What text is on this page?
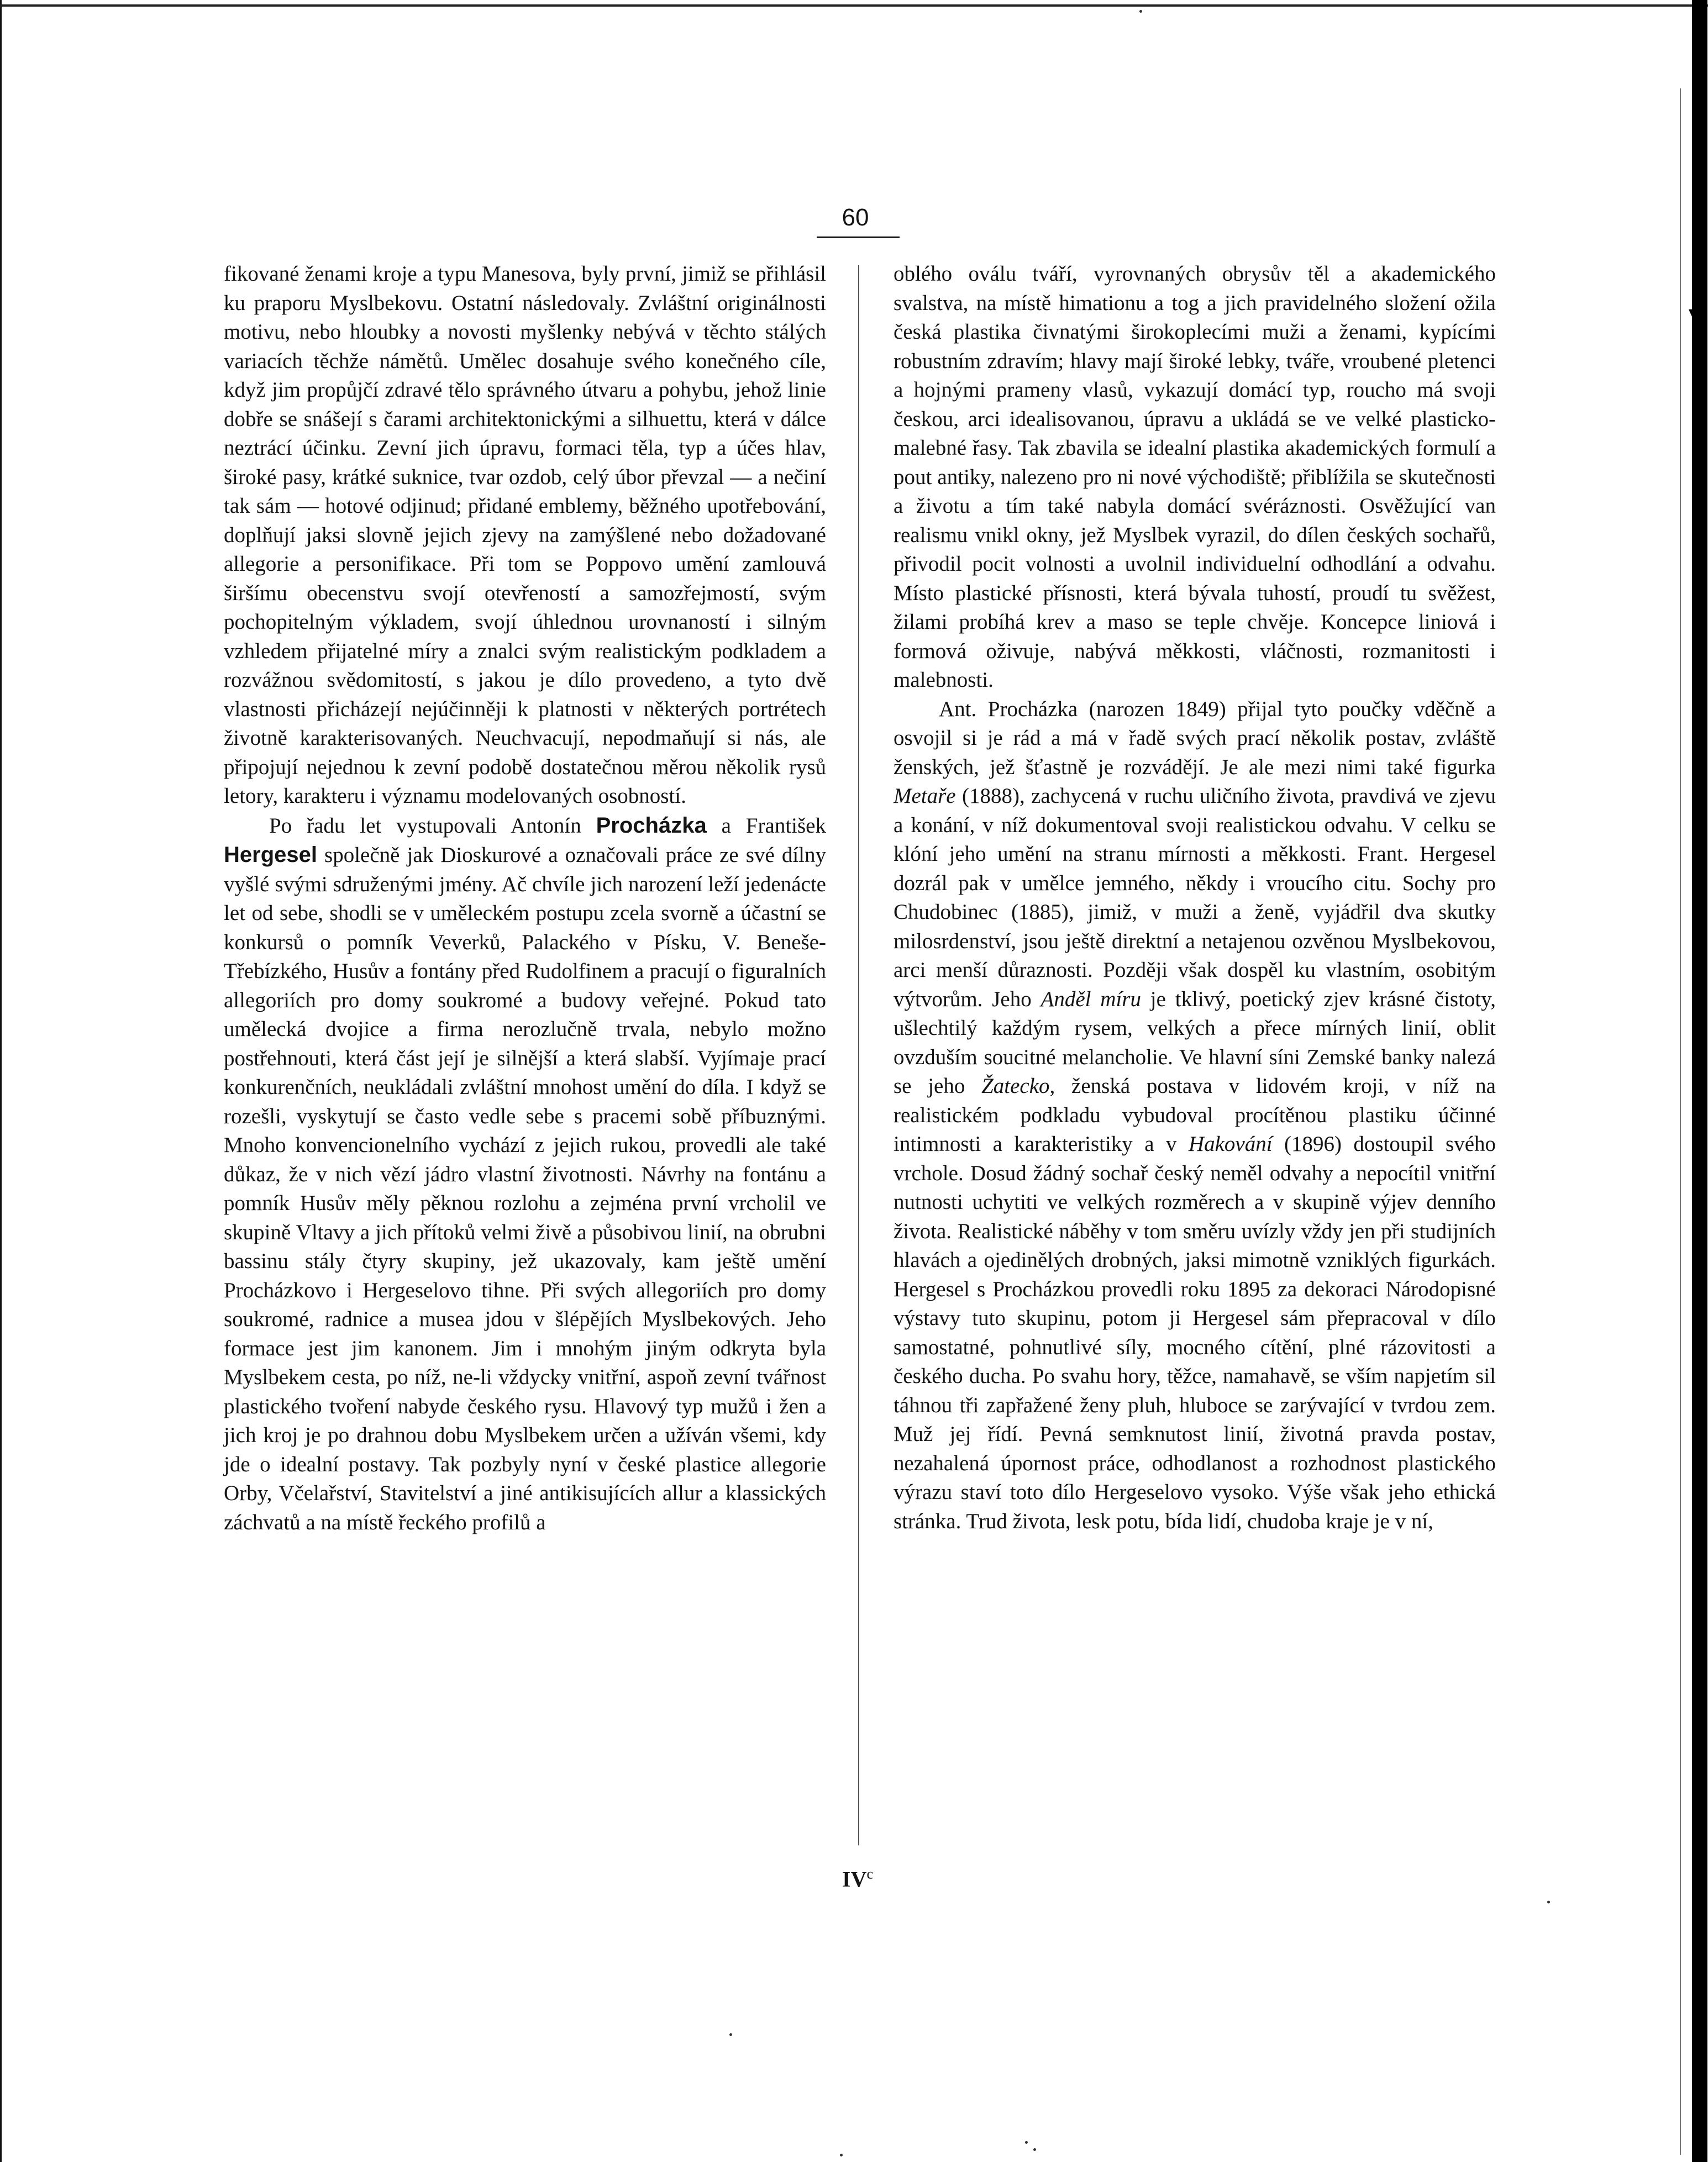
60

fikované ženami kroje a typu Manesova, byly první, jimiž se přihlásil ku praporu Myslbekovu. Ostatní následovaly. Zvláštní originálnosti motivu, nebo hloubky a novosti myšlenky nebývá v těchto stálých variacích těchže námětů. Umělec dosahuje svého konečného cíle, když jim propůjčí zdravé tělo správného útvaru a pohybu, jehož linie dobře se snášejí s čarami architektonickými a silhuettu, která v dálce neztrácí účinku. Zevní jich úpravu, formaci těla, typ a účes hlav, široké pasy, krátké suknice, tvar ozdob, celý úbor převzal — a nečiní tak sám — hotové odjinud; přidané emblemy, běžného upotřebování, doplňují jaksi slovně jejich zjevy na zamýšlené nebo dožadované allegorie a personifikace. Při tom se Poppovo umění zamlouvá širšímu obecenstvu svojí otevřeností a samozřejmostí, svým pochopitelným výkladem, svojí úhlednou urovnaností i silným vzhledem přijatelné míry a znalci svým realistickým podkladem a rozvážnou svědomitostí, s jakou je dílo provedeno, a tyto dvě vlastnosti přicházejí nejúčinněji k platnosti v některých portrétech životně karakterisovaných. Neuchvacují, nepodmaňují si nás, ale připojují nejednou k zevní podobě dostatečnou měrou několik rysů letory, karakteru i významu modelovaných osobností.

Po řadu let vystupovali Antonín Procházka a František Hergesel společně jak Dioskurové a označovali práce ze své dílny vyšlé svými sdruženými jmény. Ač chvíle jich narození leží jedenácte let od sebe, shodli se v uměleckém postupu zcela svorně a účastní se konkursů o pomník Veverků, Palackého v Písku, V. Beneše-Třebízkého, Husův a fontány před Rudolfinem a pracují o figuralních allegoriích pro domy soukromé a budovy veřejné. Pokud tato umělecká dvojice a firma nerozlučně trvala, nebylo možno postřehnouti, která část její je silnější a která slabší. Vyjímaje prací konkurenčních, neukládali zvláštní mnohost umění do díla. I když se rozešli, vyskytují se často vedle sebe s pracemi sobě příbuznými. Mnoho konvencionelního vychází z jejich rukou, provedli ale také důkaz, že v nich vězí jádro vlastní životnosti. Návrhy na fontánu a pomník Husův měly pěknou rozlohu a zejména první vrcholil ve skupině Vltavy a jich přítoků velmi živě a působivou linií, na obrubni bassinu stály čtyry skupiny, jež ukazovaly, kam ještě umění Procházkovo i Hergeselovo tihne. Při svých allegoriích pro domy soukromé, radnice a musea jdou v šlépějích Myslbekových. Jeho formace jest jim kanonem. Jim i mnohým jiným odkryta byla Myslbekem cesta, po níž, ne-li vždycky vnitřní, aspoň zevní tvářnost plastického tvoření nabyde českého rysu. Hlavový typ mužů i žen a jich kroj je po drahnou dobu Myslbekem určen a užíván všemi, kdy jde o idealní postavy. Tak pozbyly nyní v české plastice allegorie Orby, Včelařství, Stavitelství a jiné antikisujících allur a klassických záchvatů a na místě řeckého profilů a

oblého oválu tváří, vyrovnaných obrysův těl a akademického svalstva, na místě himationu a tog a jich pravidelného složení ožila česká plastika čivnatými širokoplecími muži a ženami, kypícími robustním zdravím; hlavy mají široké lebky, tváře, vroubené pletenci a hojnými prameny vlasů, vykazují domácí typ, roucho má svoji českou, arci idealisovanou, úpravu a ukládá se ve velké plasticko-malebné řasy. Tak zbavila se idealní plastika akademických formulí a pout antiky, nalezeno pro ni nové východiště; přiblížila se skutečnosti a životu a tím také nabyla domácí svéráznosti. Osvěžující van realismu vnikl okny, jež Myslbek vyrazil, do dílen českých sochařů, přivodil pocit volnosti a uvolnil individuelní odhodlání a odvahu. Místo plastické přísnosti, která bývala tuhostí, proudí tu svěžest, žilami probíhá krev a maso se teple chvěje. Koncepce liniová i formová oživuje, nabývá měkkosti, vláčnosti, rozmanitosti i malebnosti.

Ant. Procházka (narozen 1849) přijal tyto poučky vděčně a osvojil si je rád a má v řadě svých prací několik postav, zvláště ženských, jež šťastně je rozvádějí. Je ale mezi nimi také figurka Metaře (1888), zachycená v ruchu uličního života, pravdivá ve zjevu a konání, v níž dokumentoval svoji realistickou odvahu. V celku se klóní jeho umění na stranu mírnosti a měkkosti. Frant. Hergesel dozrál pak v umělce jemného, někdy i vroucího citu. Sochy pro Chudobinec (1885), jimiž, v muži a ženě, vyjádřil dva skutky milosrdenství, jsou ještě direktní a netajenou ozvěnou Myslbekovou, arci menší důraznosti. Později však dospěl ku vlastním, osobitým výtvorům. Jeho Anděl míru je tklivý, poetický zjev krásné čistoty, ušlechtilý každým rysem, velkých a přece mírných linií, oblit ovzduším soucitné melancholie. Ve hlavní síni Zemské banky nalezá se jeho Žatecko, ženská postava v lidovém kroji, v níž na realistickém podkladu vybudoval procítěnou plastiku účinné intimnosti a karakteristiky a v Hakování (1896) dostoupil svého vrchole. Dosud žádný sochař český neměl odvahy a nepocítil vnitřní nutnosti uchytiti ve velkých rozměrech a v skupině výjev denního života. Realistické náběhy v tom směru uvízly vždy jen při studijních hlavách a ojedinělých drobných, jaksi mimotně vzniklých figurkách. Hergesel s Procházkou provedli roku 1895 za dekoraci Národopisné výstavy tuto skupinu, potom ji Hergesel sám přepracoval v dílo samostatné, pohnutlivé síly, mocného cítění, plné rázovitosti a českého ducha. Po svahu hory, těžce, namahavě, se vším napjetím sil táhnou tři zapřažené ženy pluh, hluboce se zarývající v tvrdou zem. Muž jej řídí. Pevná semknutost linií, životná pravda postav, nezahalená úpornost práce, odhodlanost a rozhodnost plastického výrazu staví toto dílo Hergeselovo vysoko. Výše však jeho ethická stránka. Trud života, lesk potu, bída lidí, chudoba kraje je v ní,

$IV^c$
